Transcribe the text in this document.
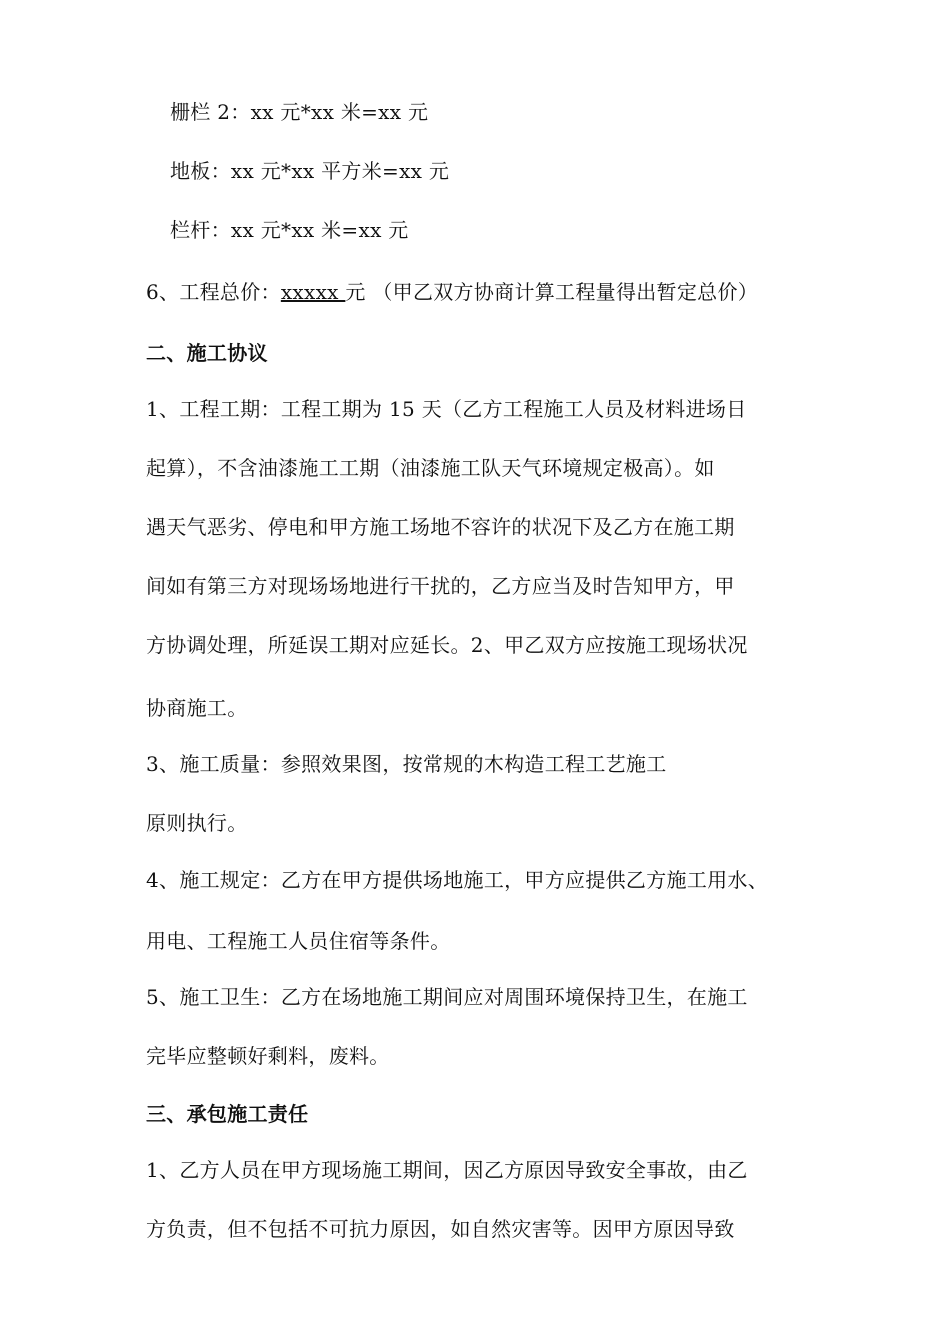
栅栏 2：xx 元*xx 米=xx 元
地板：xx 元*xx 平方米=xx 元
栏杆：xx 元*xx 米=xx 元
6、工程总价：xxxxx 元 （甲乙双方协商计算工程量得出暂定总价）
二、施工协议
1、工程工期：工程工期为 15 天（乙方工程施工人员及材料进场日
起算），不含油漆施工工期（油漆施工队天气环境规定极高）。如
遇天气恶劣、停电和甲方施工场地不容许的状况下及乙方在施工期
间如有第三方对现场场地进行干扰的，乙方应当及时告知甲方，甲
方协调处理，所延误工期对应延长。2、甲乙双方应按施工现场状况
协商施工。
3、施工质量：参照效果图，按常规的木构造工程工艺施工
原则执行。
4、施工规定：乙方在甲方提供场地施工，甲方应提供乙方施工用水、
用电、工程施工人员住宿等条件。
5、施工卫生：乙方在场地施工期间应对周围环境保持卫生，在施工
完毕应整顿好剩料，废料。
三、承包施工责任
1、乙方人员在甲方现场施工期间，因乙方原因导致安全事故，由乙
方负责，但不包括不可抗力原因，如自然灾害等。因甲方原因导致
